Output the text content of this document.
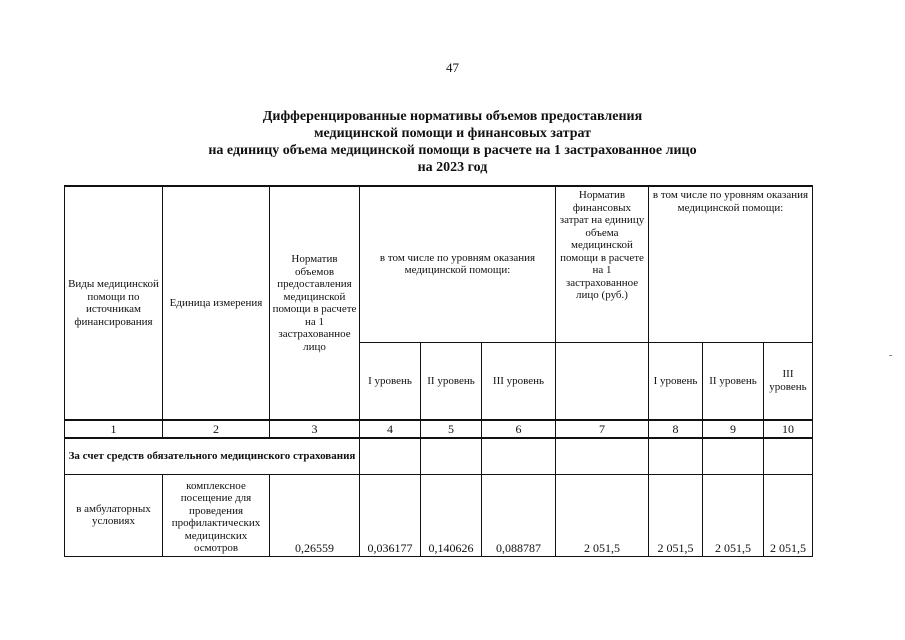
47
Дифференцированные нормативы объемов предоставления
медицинской помощи и финансовых затрат
на единицу объема медицинской помощи в расчете на 1 застрахованное лицо
на 2023 год
-
Виды медицинской помощи по источникам финансирования	Единица измерения	Норматив объемов предоставления медицинской помощи в расчете на 1 застрахованное лицо	в том числе по уровням оказания медицинской помощи:			Норматив финансовых затрат на единицу объема медицинской помощи в расчете на 1 застрахованное лицо (руб.)	в том числе по уровням оказания медицинской помощи:		
			I уровень	II уровень	III уровень		I уровень	II уровень	III уровень
1	2	3	4	5	6	7	8	9	10
За счет средств обязательного медицинского страхования									
в амбулаторных условиях	комплексное посещение для проведения профилактических медицинских осмотров	0,26559	0,036177	0,140626	0,088787	2 051,5	2 051,5	2 051,5	2 051,5
